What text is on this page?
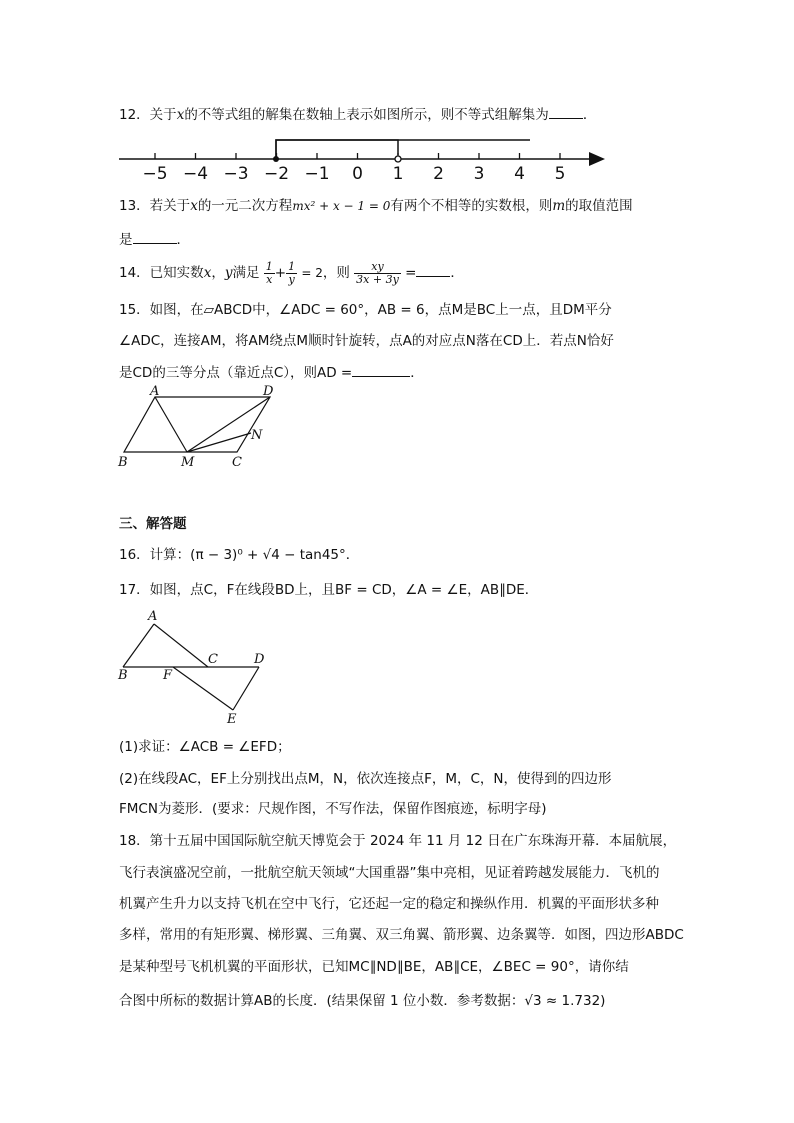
12．关于x的不等式组的解集在数轴上表示如图所示，则不等式组解集为	．
−5 −4 −3 −2 −1 0 1 2 3 4 5
13．若关于x的一元二次方程mx² + x − 1 = 0有两个不相等的实数根，则m的取值范围
是	．
14．已知实数x，y满足 $\frac{1}{x} + \frac{1}{y} = 2$，则 $\frac{xy}{3x + 3y}$ =	．
15．如图，在▱ABCD中，∠ADC = 60°，AB = 6，点M是BC上一点，且DM平分
∠ADC，连接AM，将AM绕点M顺时针旋转，点A的对应点N落在CD上．若点N恰好
是CD的三等分点（靠近点C），则AD =	．
A	D
N
B	M	C
三、解答题
16．计算：(π − 3)⁰ + √4 − tan45°．
17．如图，点C，F在线段BD上，且BF = CD，∠A = ∠E，AB∥DE．
A
C	D
B	F
E
(1)求证：∠ACB = ∠EFD；
(2)在线段AC，EF上分别找出点M，N，依次连接点F，M，C，N，使得到的四边形
FMCN为菱形．(要求：尺规作图，不写作法，保留作图痕迹，标明字母)
18．第十五届中国国际航空航天博览会于 2024 年 11 月 12 日在广东珠海开幕．本届航展，
飞行表演盛况空前，一批航空航天领域“大国重器”集中亮相，见证着跨越发展能力．飞机的
机翼产生升力以支持飞机在空中飞行，它还起一定的稳定和操纵作用．机翼的平面形状多种
多样，常用的有矩形翼、梯形翼、三角翼、双三角翼、箭形翼、边条翼等．如图，四边形ABDC
是某种型号飞机机翼的平面形状，已知MC∥ND∥BE，AB∥CE，∠BEC = 90°，请你结
合图中所标的数据计算AB的长度．(结果保留 1 位小数．参考数据：√3 ≈ 1.732)
